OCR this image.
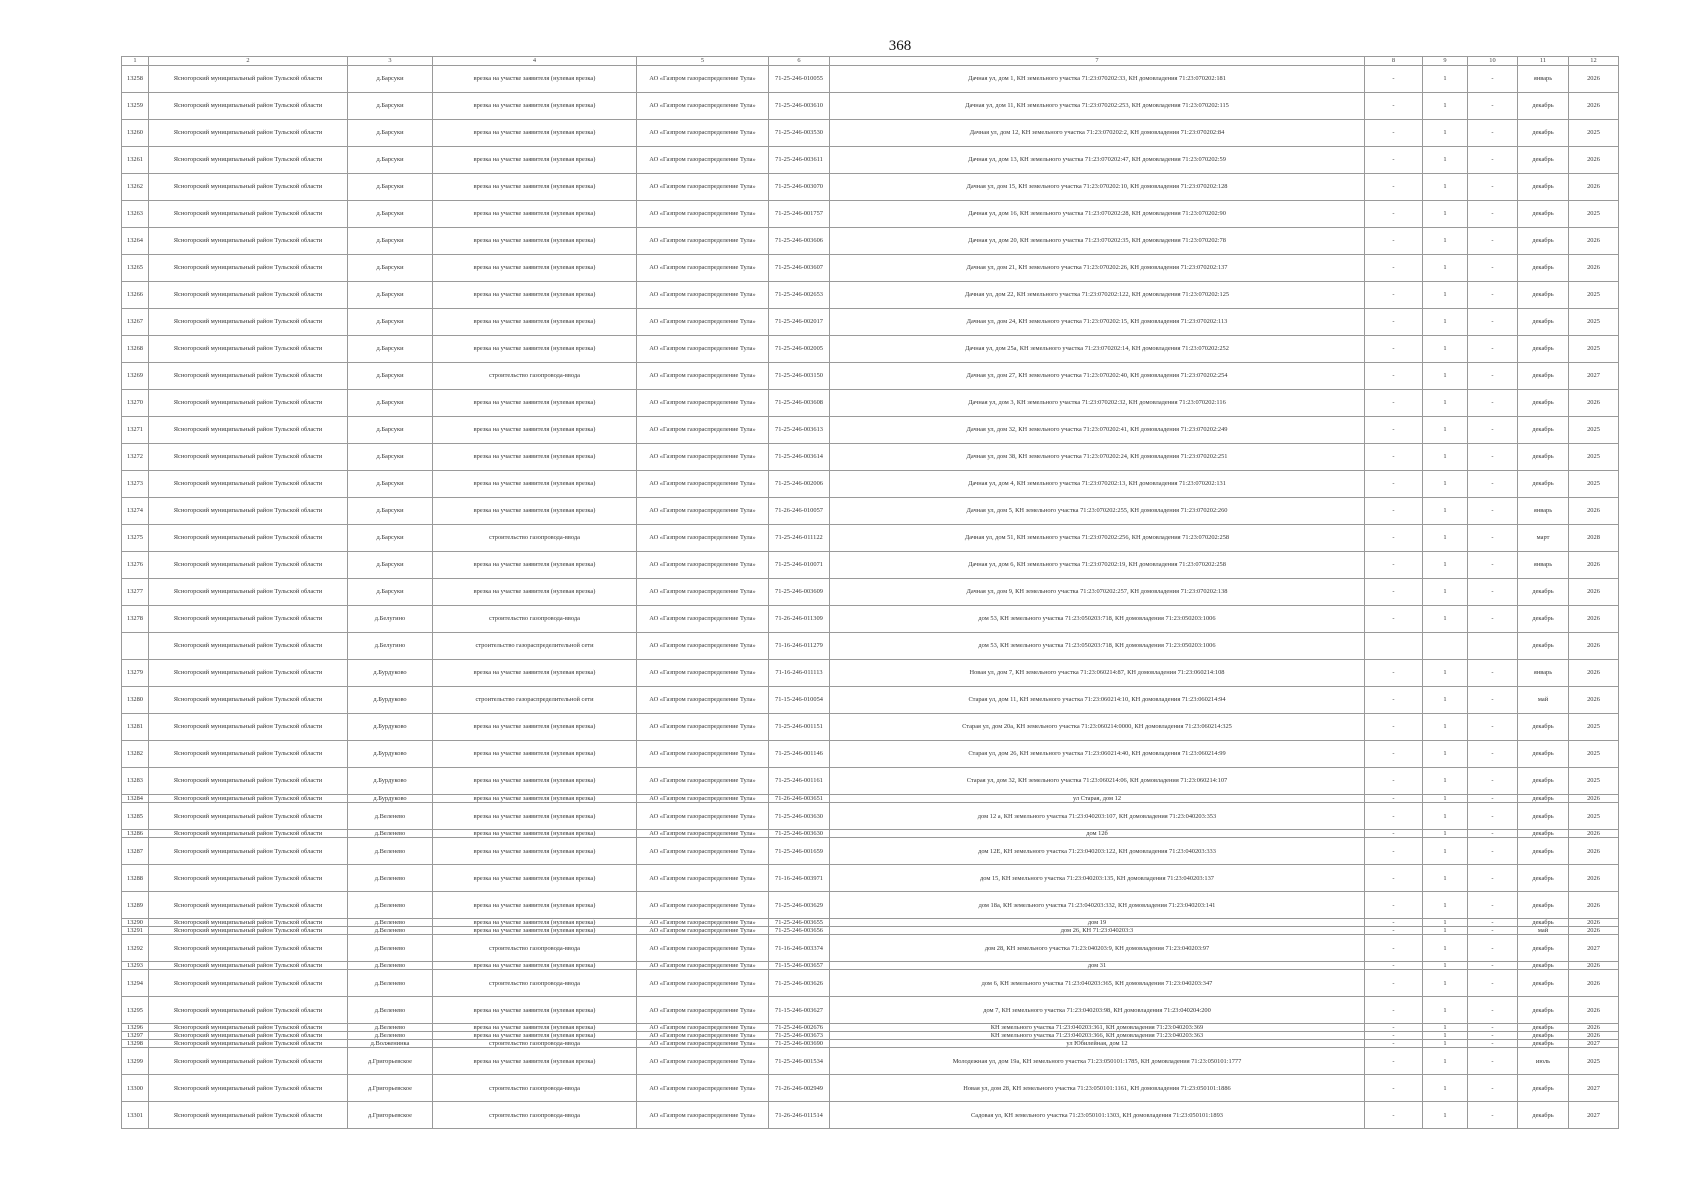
368
1	2	3	4	5	6	7	8	9	10	11	12
13258	Ясногорский муниципальный район Тульской области	д.Барсуки	врезка на участке заявителя (нулевая врезка)	АО «Газпром газораспределение Тула»	71-25-246-010055	Дачная ул, дом 1, КН земельного участка 71:23:070202:33, КН домовладения 71:23:070202:181	-	1	-	январь	2026
13259	Ясногорский муниципальный район Тульской области	д.Барсуки	врезка на участке заявителя (нулевая врезка)	АО «Газпром газораспределение Тула»	71-25-246-003610	Дачная ул, дом 11, КН земельного участка 71:23:070202:253, КН домовладения 71:23:070202:115	-	1	-	декабрь	2026
13260	Ясногорский муниципальный район Тульской области	д.Барсуки	врезка на участке заявителя (нулевая врезка)	АО «Газпром газораспределение Тула»	71-25-246-003530	Дачная ул, дом 12, КН земельного участка 71:23:070202:2, КН домовладения 71:23:070202:84	-	1	-	декабрь	2025
13261	Ясногорский муниципальный район Тульской области	д.Барсуки	врезка на участке заявителя (нулевая врезка)	АО «Газпром газораспределение Тула»	71-25-246-003611	Дачная ул, дом 13, КН земельного участка 71:23:070202:47, КН домовладения 71:23:070202:59	-	1	-	декабрь	2026
13262	Ясногорский муниципальный район Тульской области	д.Барсуки	врезка на участке заявителя (нулевая врезка)	АО «Газпром газораспределение Тула»	71-25-246-003070	Дачная ул, дом 15, КН земельного участка 71:23:070202:10, КН домовладения 71:23:070202:128	-	1	-	декабрь	2026
13263	Ясногорский муниципальный район Тульской области	д.Барсуки	врезка на участке заявителя (нулевая врезка)	АО «Газпром газораспределение Тула»	71-25-246-001757	Дачная ул, дом 16, КН земельного участка 71:23:070202:28, КН домовладения 71:23:070202:90	-	1	-	декабрь	2025
13264	Ясногорский муниципальный район Тульской области	д.Барсуки	врезка на участке заявителя (нулевая врезка)	АО «Газпром газораспределение Тула»	71-25-246-003606	Дачная ул, дом 20, КН земельного участка 71:23:070202:35, КН домовладения 71:23:070202:78	-	1	-	декабрь	2026
13265	Ясногорский муниципальный район Тульской области	д.Барсуки	врезка на участке заявителя (нулевая врезка)	АО «Газпром газораспределение Тула»	71-25-246-003607	Дачная ул, дом 21, КН земельного участка 71:23:070202:26, КН домовладения 71:23:070202:137	-	1	-	декабрь	2026
13266	Ясногорский муниципальный район Тульской области	д.Барсуки	врезка на участке заявителя (нулевая врезка)	АО «Газпром газораспределение Тула»	71-25-246-002653	Дачная ул, дом 22, КН земельного участка 71:23:070202:122, КН домовладения 71:23:070202:125	-	1	-	декабрь	2025
13267	Ясногорский муниципальный район Тульской области	д.Барсуки	врезка на участке заявителя (нулевая врезка)	АО «Газпром газораспределение Тула»	71-25-246-002017	Дачная ул, дом 24, КН земельного участка 71:23:070202:15, КН домовладения 71:23:070202:113	-	1	-	декабрь	2025
13268	Ясногорский муниципальный район Тульской области	д.Барсуки	врезка на участке заявителя (нулевая врезка)	АО «Газпром газораспределение Тула»	71-25-246-002005	Дачная ул, дом 25а, КН земельного участка 71:23:070202:14, КН домовладения 71:23:070202:252	-	1	-	декабрь	2025
13269	Ясногорский муниципальный район Тульской области	д.Барсуки	строительство газопровода-ввода	АО «Газпром газораспределение Тула»	71-25-246-003150	Дачная ул, дом 27, КН земельного участка 71:23:070202:40, КН домовладения 71:23:070202:254	-	1	-	декабрь	2027
13270	Ясногорский муниципальный район Тульской области	д.Барсуки	врезка на участке заявителя (нулевая врезка)	АО «Газпром газораспределение Тула»	71-25-246-003608	Дачная ул, дом 3, КН земельного участка 71:23:070202:32, КН домовладения 71:23:070202:116	-	1	-	декабрь	2026
13271	Ясногорский муниципальный район Тульской области	д.Барсуки	врезка на участке заявителя (нулевая врезка)	АО «Газпром газораспределение Тула»	71-25-246-003613	Дачная ул, дом 32, КН земельного участка 71:23:070202:41, КН домовладения 71:23:070202:249	-	1	-	декабрь	2025
13272	Ясногорский муниципальный район Тульской области	д.Барсуки	врезка на участке заявителя (нулевая врезка)	АО «Газпром газораспределение Тула»	71-25-246-003614	Дачная ул, дом 38, КН земельного участка 71:23:070202:24, КН домовладения 71:23:070202:251	-	1	-	декабрь	2025
13273	Ясногорский муниципальный район Тульской области	д.Барсуки	врезка на участке заявителя (нулевая врезка)	АО «Газпром газораспределение Тула»	71-25-246-002006	Дачная ул, дом 4, КН земельного участка 71:23:070202:13, КН домовладения 71:23:070202:131	-	1	-	декабрь	2025
13274	Ясногорский муниципальный район Тульской области	д.Барсуки	врезка на участке заявителя (нулевая врезка)	АО «Газпром газораспределение Тула»	71-26-246-010057	Дачная ул, дом 5, КН земельного участка 71:23:070202:255, КН домовладения 71:23:070202:260	-	1	-	январь	2026
13275	Ясногорский муниципальный район Тульской области	д.Барсуки	строительство газопровода-ввода	АО «Газпром газораспределение Тула»	71-25-246-011122	Дачная ул, дом 51, КН земельного участка 71:23:070202:256, КН домовладения 71:23:070202:258	-	1	-	март	2028
13276	Ясногорский муниципальный район Тульской области	д.Барсуки	врезка на участке заявителя (нулевая врезка)	АО «Газпром газораспределение Тула»	71-25-246-010071	Дачная ул, дом 6, КН земельного участка 71:23:070202:19, КН домовладения 71:23:070202:258	-	1	-	январь	2026
13277	Ясногорский муниципальный район Тульской области	д.Барсуки	врезка на участке заявителя (нулевая врезка)	АО «Газпром газораспределение Тула»	71-25-246-003609	Дачная ул, дом 9, КН земельного участка 71:23:070202:257, КН домовладения 71:23:070202:138	-	1	-	декабрь	2026
13278	Ясногорский муниципальный район Тульской области	д.Белугино	строительство газопровода-ввода	АО «Газпром газораспределение Тула»	71-26-246-011309	дом 53, КН земельного участка 71:23:050203:718, КН домовладения 71:23:050203:1006	-	1	-	декабрь	2026
	Ясногорский муниципальный район Тульской области	д.Белугино	строительство газораспределительной сети	АО «Газпром газораспределение Тула»	71-16-246-011279	дом 53, КН земельного участка 71:23:050203:718, КН домовладения 71:23:050203:1006				декабрь	2026
13279	Ясногорский муниципальный район Тульской области	д.Бурдуково	врезка на участке заявителя (нулевая врезка)	АО «Газпром газораспределение Тула»	71-16-246-011113	Новая ул, дом 7, КН земельного участка 71:23:060214:87, КН домовладения 71:23:060214:108	-	1	-	январь	2026
13280	Ясногорский муниципальный район Тульской области	д.Бурдуково	строительство газораспределительной сети	АО «Газпром газораспределение Тула»	71-15-246-010054	Старая ул, дом 11, КН земельного участка 71:23:060214:10, КН домовладения 71:23:060214:94	-	1	-	май	2026
13281	Ясногорский муниципальный район Тульской области	д.Бурдуково	врезка на участке заявителя (нулевая врезка)	АО «Газпром газораспределение Тула»	71-25-246-001151	Старая ул, дом 20а, КН земельного участка 71:23:060214:0000, КН домовладения 71:23:060214:325	-	1	-	декабрь	2025
13282	Ясногорский муниципальный район Тульской области	д.Бурдуково	врезка на участке заявителя (нулевая врезка)	АО «Газпром газораспределение Тула»	71-25-246-001146	Старая ул, дом 26, КН земельного участка 71:23:060214:40, КН домовладения 71:23:060214:99	-	1	-	декабрь	2025
13283	Ясногорский муниципальный район Тульской области	д.Бурдуково	врезка на участке заявителя (нулевая врезка)	АО «Газпром газораспределение Тула»	71-25-246-001161	Старая ул, дом 32, КН земельного участка 71:23:060214:06, КН домовладения 71:23:060214:107	-	1	-	декабрь	2025
13284	Ясногорский муниципальный район Тульской области	д.Бурдуково	врезка на участке заявителя (нулевая врезка)	АО «Газпром газораспределение Тула»	71-26-246-003651	ул Старая, дом 12	-	1	-	декабрь	2026
13285	Ясногорский муниципальный район Тульской области	д.Веленево	врезка на участке заявителя (нулевая врезка)	АО «Газпром газораспределение Тула»	71-25-246-003630	дом 12 а, КН земельного участка 71:23:040203:107, КН домовладения 71:23:040203:353	-	1	-	декабрь	2025
13286	Ясногорский муниципальный район Тульской области	д.Веленево	врезка на участке заявителя (нулевая врезка)	АО «Газпром газораспределение Тула»	71-25-246-003630	дом 12б	-	1	-	декабрь	2026
13287	Ясногорский муниципальный район Тульской области	д.Веленево	врезка на участке заявителя (нулевая врезка)	АО «Газпром газораспределение Тула»	71-25-246-001659	дом 12Е, КН земельного участка 71:23:040203:122, КН домовладения 71:23:040203:333	-	1	-	декабрь	2026
13288	Ясногорский муниципальный район Тульской области	д.Веленево	врезка на участке заявителя (нулевая врезка)	АО «Газпром газораспределение Тула»	71-16-246-003971	дом 15, КН земельного участка 71:23:040203:135, КН домовладения 71:23:040203:137	-	1	-	декабрь	2026
13289	Ясногорский муниципальный район Тульской области	д.Веленево	врезка на участке заявителя (нулевая врезка)	АО «Газпром газораспределение Тула»	71-25-246-003629	дом 18а, КН земельного участка 71:23:040203:332, КН домовладения 71:23:040203:141	-	1	-	декабрь	2026
13290	Ясногорский муниципальный район Тульской области	д.Веленево	врезка на участке заявителя (нулевая врезка)	АО «Газпром газораспределение Тула»	71-25-246-003655	дом 19	-	1	-	декабрь	2026
13291	Ясногорский муниципальный район Тульской области	д.Веленево	врезка на участке заявителя (нулевая врезка)	АО «Газпром газораспределение Тула»	71-25-246-003656	дом 26, КН 71:23:040203:3	-	1	-	май	2026
13292	Ясногорский муниципальный район Тульской области	д.Веленево	строительство газопровода-ввода	АО «Газпром газораспределение Тула»	71-16-246-003374	дом 28, КН земельного участка 71:23:040203:9, КН домовладения 71:23:040203:97	-	1	-	декабрь	2027
13293	Ясногорский муниципальный район Тульской области	д.Веленево	врезка на участке заявителя (нулевая врезка)	АО «Газпром газораспределение Тула»	71-15-246-003657	дом 31	-	1	-	декабрь	2026
13294	Ясногорский муниципальный район Тульской области	д.Веленево	строительство газопровода-ввода	АО «Газпром газораспределение Тула»	71-25-246-003626	дом 6, КН земельного участка 71:23:040203:365, КН домовладения 71:23:040203:347	-	1	-	декабрь	2026
13295	Ясногорский муниципальный район Тульской области	д.Веленево	врезка на участке заявителя (нулевая врезка)	АО «Газпром газораспределение Тула»	71-15-246-003627	дом 7, КН земельного участка 71:23:040203:98, КН домовладения 71:23:040204:200	-	1	-	декабрь	2026
13296	Ясногорский муниципальный район Тульской области	д.Веленево	врезка на участке заявителя (нулевая врезка)	АО «Газпром газораспределение Тула»	71-25-246-002676	КН земельного участка 71:23:040203:361, КН домовладения 71:23:040203:369	-	1	-	декабрь	2026
13297	Ясногорский муниципальный район Тульской области	д.Веленево	врезка на участке заявителя (нулевая врезка)	АО «Газпром газораспределение Тула»	71-25-246-003673	КН земельного участка 71:23:040203:366, КН домовладения 71:23:040203:363	-	1	-	декабрь	2026
13298	Ясногорский муниципальный район Тульской области	д.Волженинка	строительство газопровода-ввода	АО «Газпром газораспределение Тула»	71-25-246-003690	ул Юбилейная, дом 12	-	1	-	декабрь	2027
13299	Ясногорский муниципальный район Тульской области	д.Григорьевское	врезка на участке заявителя (нулевая врезка)	АО «Газпром газораспределение Тула»	71-25-246-001534	Молодежная ул, дом 19а, КН земельного участка 71:23:050101:1785, КН домовладения 71:23:050101:1777	-	1	-	июль	2025
13300	Ясногорский муниципальный район Тульской области	д.Григорьевское	строительство газопровода-ввода	АО «Газпром газораспределение Тула»	71-26-246-002949	Новая ул, дом 28, КН земельного участка 71:23:050101:1161, КН домовладения 71:23:050101:1886	-	1	-	декабрь	2027
13301	Ясногорский муниципальный район Тульской области	д.Григорьевское	строительство газопровода-ввода	АО «Газпром газораспределение Тула»	71-26-246-011514	Садовая ул, КН земельного участка 71:23:050101:1303, КН домовладения 71:23:050101:1893	-	1	-	декабрь	2027
